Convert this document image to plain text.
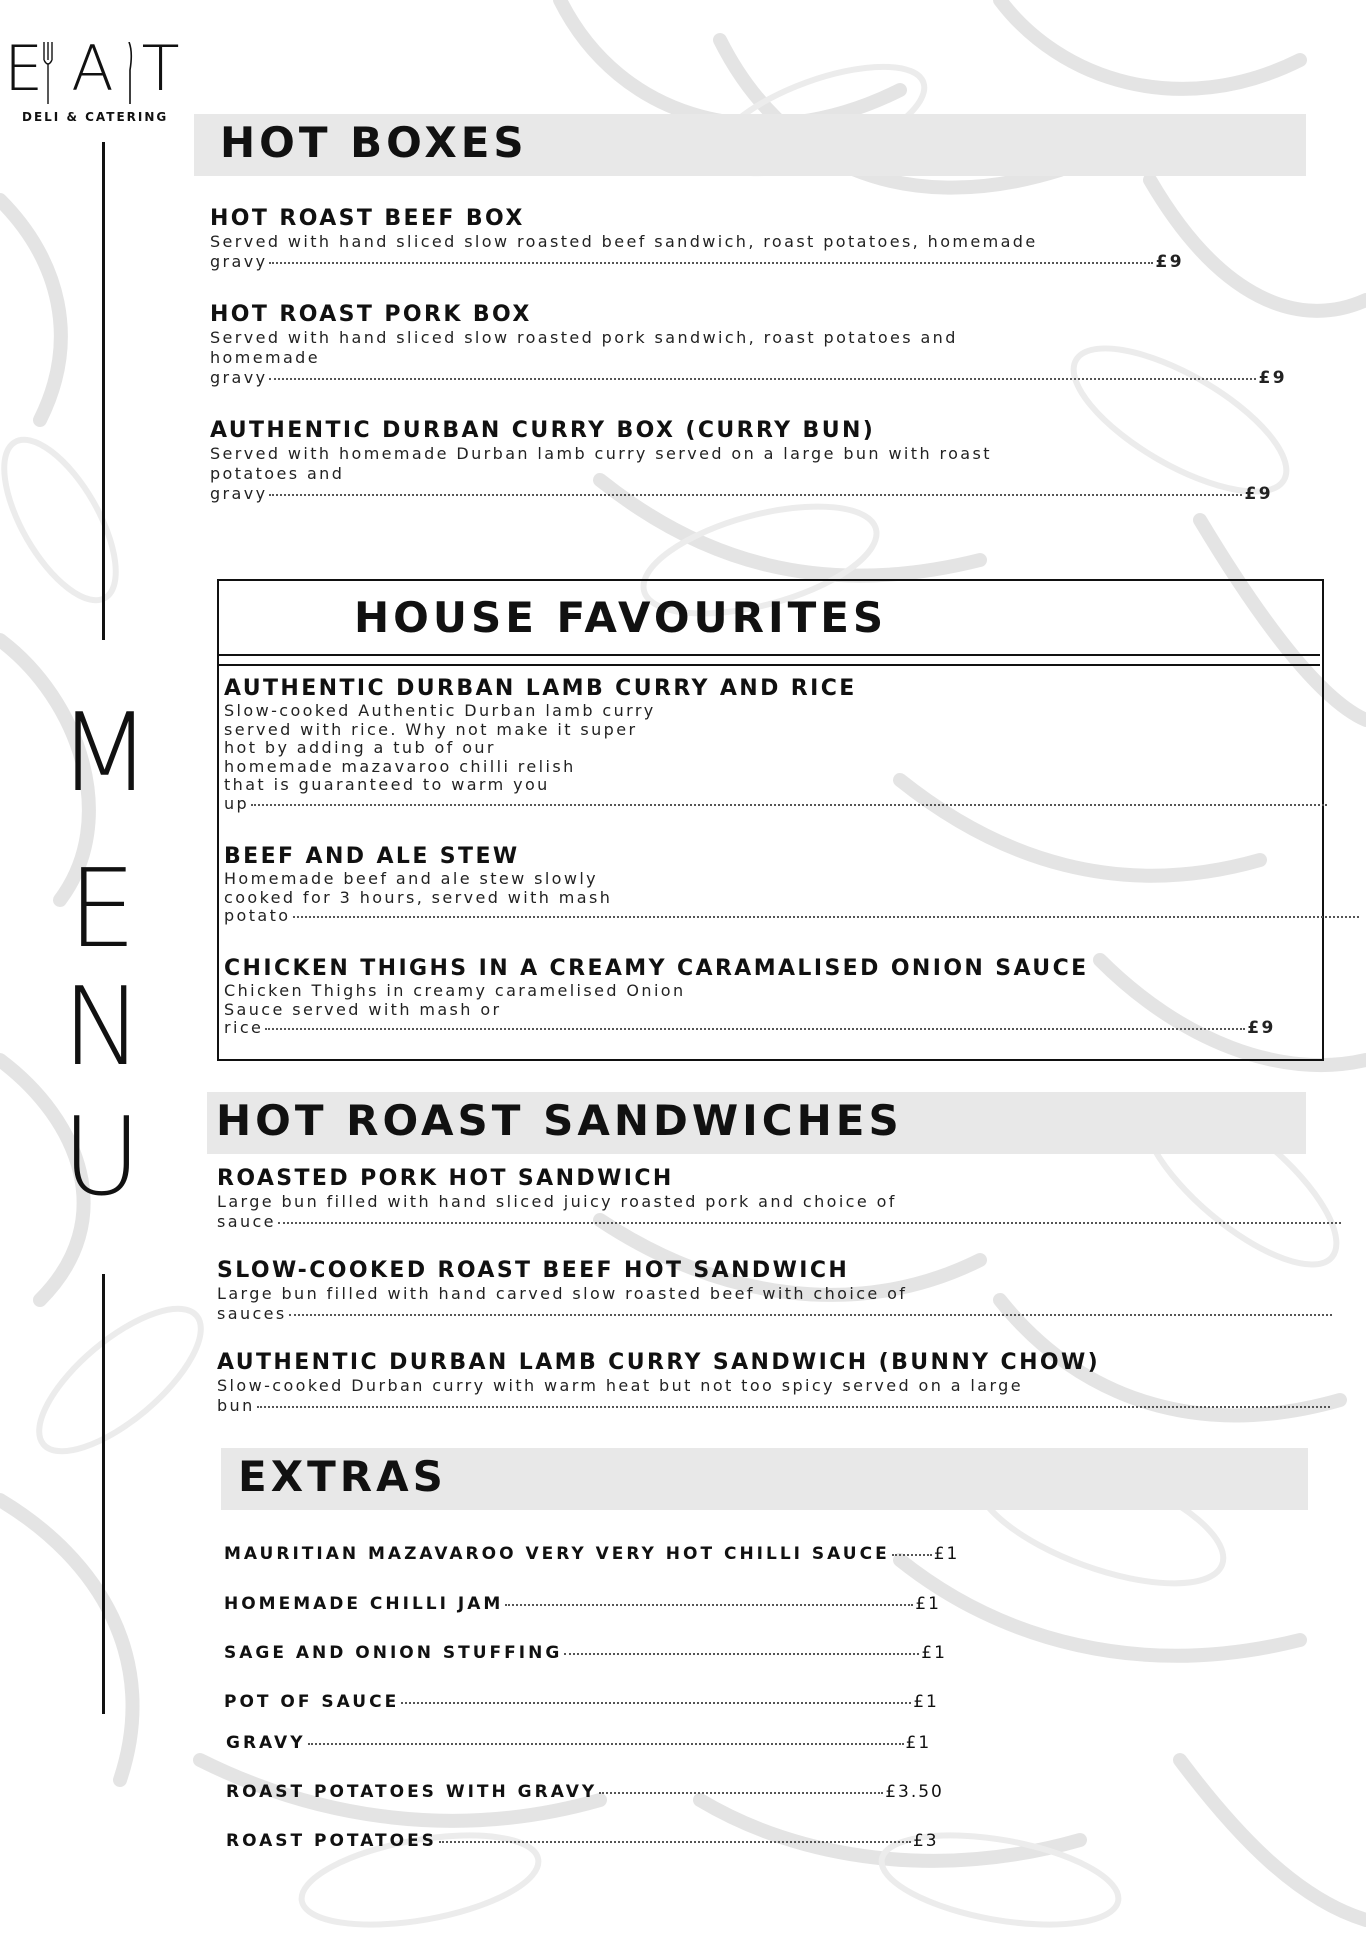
E A T
DELI & CATERING
M
E
N
U
HOT BOXES
HOT ROAST BEEF BOX
Served with hand sliced slow roasted beef sandwich, roast potatoes, homemade
gravy	£9
HOT ROAST PORK BOX
Served with hand sliced slow roasted pork sandwich, roast potatoes and
homemade
gravy	£9
AUTHENTIC DURBAN CURRY BOX (CURRY BUN)
Served with homemade Durban lamb curry served on a large bun with roast
potatoes and
gravy	£9
HOUSE FAVOURITES
AUTHENTIC DURBAN LAMB CURRY AND RICE
Slow-cooked Authentic Durban lamb curry
served with rice. Why not make it super
hot by adding a tub of our
homemade mazavaroo chilli relish
that is guaranteed to warm you
up
BEEF AND ALE STEW
Homemade beef and ale stew slowly
cooked for 3 hours, served with mash
potato
CHICKEN THIGHS IN A CREAMY CARAMALISED ONION SAUCE
Chicken Thighs in creamy caramelised Onion
Sauce served with mash or
rice	£9
HOT ROAST SANDWICHES
ROASTED PORK HOT SANDWICH
Large bun filled with hand sliced juicy roasted pork and choice of
sauce
SLOW-COOKED ROAST BEEF HOT SANDWICH
Large bun filled with hand carved slow roasted beef with choice of
sauces
AUTHENTIC DURBAN LAMB CURRY SANDWICH (BUNNY CHOW)
Slow-cooked Durban curry with warm heat but not too spicy served on a large
bun
EXTRAS
MAURITIAN MAZAVAROO VERY VERY HOT CHILLI SAUCE	£1
HOMEMADE CHILLI JAM	£1
SAGE AND ONION STUFFING	£1
POT OF SAUCE	£1
GRAVY	£1
ROAST POTATOES WITH GRAVY	£3.50
ROAST POTATOES	£3
